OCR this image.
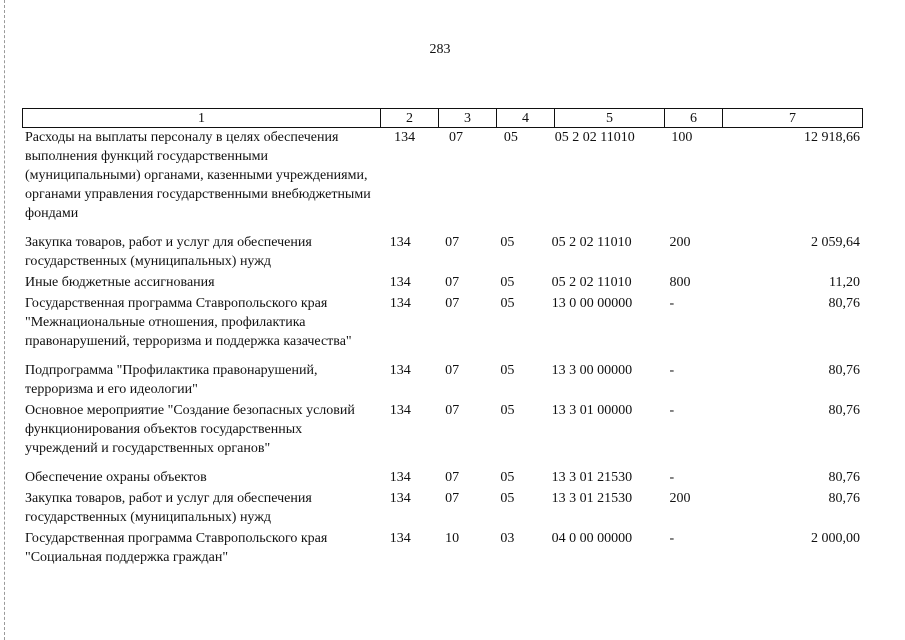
283
1	2	3	4	5	6	7
Расходы на выплаты персоналу в целях обеспечения выполнения функций государственными (муниципальными) органами, казенными учреждениями, органами управления государственными внебюджетными фондами
134	07	05	05 2 02 11010	100	12 918,66
Закупка товаров, работ и услуг для обеспечения государственных (муниципальных) нужд
134	07	05	05 2 02 11010	200	2 059,64
Иные бюджетные ассигнования	134	07	05	05 2 02 11010	800	11,20
Государственная программа Ставропольского края "Межнациональные отношения, профилактика правонарушений, терроризма и поддержка казачества"
134	07	05	13 0 00 00000	-	80,76
Подпрограмма "Профилактика правонарушений, терроризма и его идеологии"
134	07	05	13 3 00 00000	-	80,76
Основное мероприятие "Создание безопасных условий функционирования объектов государственных учреждений и государственных органов"
134	07	05	13 3 01 00000	-	80,76
Обеспечение охраны объектов	134	07	05	13 3 01 21530	-	80,76
Закупка товаров, работ и услуг для обеспечения государственных (муниципальных) нужд
134	07	05	13 3 01 21530	200	80,76
Государственная программа Ставропольского края "Социальная поддержка граждан"
134	10	03	04 0 00 00000	-	2 000,00
